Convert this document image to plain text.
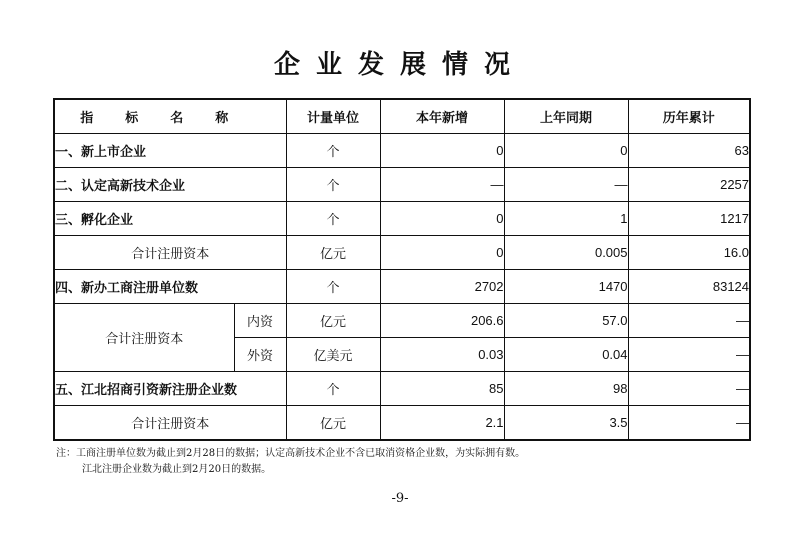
企业发展情况
指标名称		计量单位	本年新增	上年同期	历年累计
一、新上市企业		个	0	0	63
二、认定高新技术企业		个	—	—	2257
三、孵化企业		个	0	1	1217
合计注册资本		亿元	0	0.005	16.0
四、新办工商注册单位数		个	2702	1470	83124
合计注册资本	内资	亿元	206.6	57.0	—
	外资	亿美元	0.03	0.04	—
五、江北招商引资新注册企业数		个	85	98	—
合计注册资本		亿元	2.1	3.5	—
注：工商注册单位数为截止到2月28日的数据；认定高新技术企业不含已取消资格企业数，为实际拥有数。
江北注册企业数为截止到2月20日的数据。
-9-
